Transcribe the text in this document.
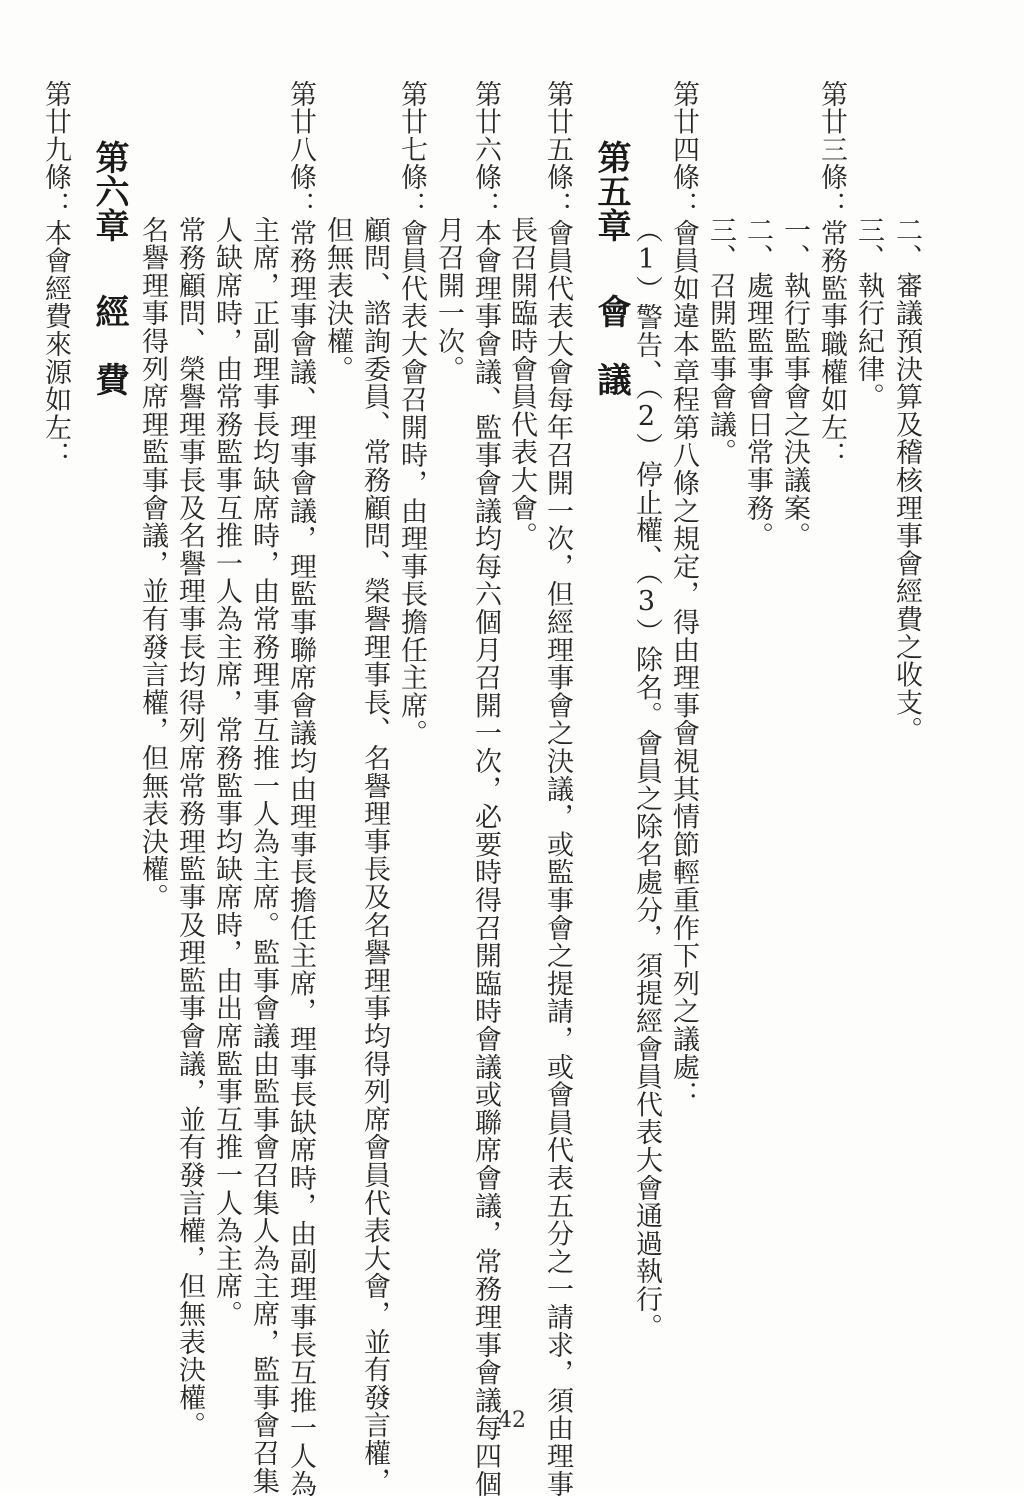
二、審議預決算及稽核理事會經費之收支。
三、執行紀律。
第廿三條：常務監事職權如左：
一、執行監事會之決議案。
二、處理監事會日常事務。
三、召開監事會議。
第廿四條：會員如違本章程第八條之規定，得由理事會視其情節輕重作下列之議處：
（1）警告、（2）停止權、（3）除名。會員之除名處分，須提經會員代表大會通過執行。
第五章會　議
第廿五條：會員代表大會每年召開一次，但經理事會之決議，或監事會之提請，或會員代表五分之一請求，須由理事
長召開臨時會員代表大會。
第廿六條：本會理事會議、監事會議均每六個月召開一次，必要時得召開臨時會議或聯席會議，常務理事會議每四個
月召開一次。
第廿七條：會員代表大會召開時，由理事長擔任主席。
顧問、諮詢委員、常務顧問、榮譽理事長、名譽理事長及名譽理事均得列席會員代表大會，並有發言權，
但無表決權。
第廿八條：常務理事會議、理事會議，理監事聯席會議均由理事長擔任主席，理事長缺席時，由副理事長互推一人為
主席，正副理事長均缺席時，由常務理事互推一人為主席。監事會議由監事會召集人為主席，監事會召集
人缺席時，由常務監事互推一人為主席，常務監事均缺席時，由出席監事互推一人為主席。
常務顧問、榮譽理事長及名譽理事長均得列席常務理監事及理監事會議，並有發言權，但無表決權。
名譽理事得列席理監事會議，並有發言權，但無表決權。
第六章經　費
第廿九條：本會經費來源如左：
42
